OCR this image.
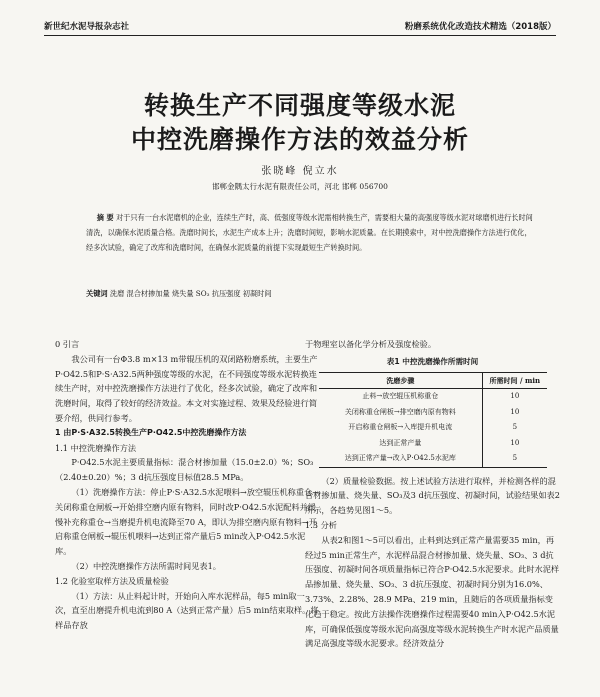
新世纪水泥导报杂志社	粉磨系统优化改造技术精选（2018版）
转换生产不同强度等级水泥
中控洗磨操作方法的效益分析
张晓峰 倪立水
邯郸金隅太行水泥有限责任公司，河北 邯郸 056700
摘 要 对于只有一台水泥磨机的企业，连续生产时，高、低强度等级水泥需相转换生产，需要相大量的高强度等级水泥对球磨机进行长时间清洗，以确保水泥质量合格。洗磨时间长，水泥生产成本上升；洗磨时间短，影响水泥质量。在长期摸索中，对中控洗磨操作方法进行优化，经多次试验，确定了改库和洗磨时间，在确保水泥质量的前提下实现最短生产转换时间。
关键词 洗磨 混合材掺加量 烧失量 SO₃ 抗压强度 初凝时间

0 引言

我公司有一台Φ3.8 m×13 m带辊压机的双闭路粉磨系统，主要生产P·O42.5和P·S·A32.5两种强度等级的水泥，在不同强度等级水泥转换连续生产时，对中控洗磨操作方法进行了优化，经多次试验，确定了改库和洗磨时间，取得了较好的经济效益。本文对实施过程、效果及经验进行简要介绍，供同行参考。

1 由P·S·A32.5转换生产P·O42.5中控洗磨操作方法

1.1 中控洗磨操作方法

P·O42.5水泥主要质量指标：混合材掺加量（15.0±2.0）%；SO₃（2.40±0.20）%；3 d抗压强度目标值28.5 MPa。

（1）洗磨操作方法：停止P·S·A32.5水泥喂料→放空辊压机称重仓→关闭称重仓闸板→开始排空磨内原有物料，同时改P·O42.5水泥配料并缓慢补充称重仓→当磨提升机电流降至70 A，即认为排空磨内原有物料→开启称重仓闸板→辊压机喂料→达到正常产量后5 min改入P·O42.5水泥库。

（2）中控洗磨操作方法所需时间见表1。

1.2 化验室取样方法及质量检验

（1）方法：从止料起计时，开始向入库水泥样品，每5 min取一次，直至出磨提升机电流到80 A（达到正常产量）后5 min结束取样。将样品存放

于物理室以备化学分析及强度检验。

表1 中控洗磨操作所需时间
洗磨步骤	所需时间 / min
止料→放空辊压机称重仓	10
关闭称重仓闸板→排空磨内原有物料	10
开启称重仓闸板→入库提升机电流	5
达到正常产量	10
达到正常产量→改入P·O42.5水泥库	5

（2）质量检验数据。按上述试验方法进行取样，并检测各样的混合材掺加量、烧失量、SO₃及3 d抗压强度、初凝时间，试验结果如表2所示，各趋势见图1～5。

1.3 分析

从表2和图1～5可以看出，止料到达到正常产量需要35 min，再经过5 min正常生产，水泥样品混合材掺加量、烧失量、SO₃、3 d抗压强度、初凝时间各项质量指标已符合P·O42.5水泥要求。此时水泥样品掺加量、烧失量、SO₃、3 d抗压强度、初凝时间分别为16.0%、3.73%、2.28%、28.9 MPa、219 min，且随后的各项质量指标变化趋于稳定。按此方法操作洗磨操作过程需要40 min入P·O42.5水泥库，可确保低强度等级水泥向高强度等级水泥转换生产时水泥产品质量满足高强度等级水泥要求。经济效益分
